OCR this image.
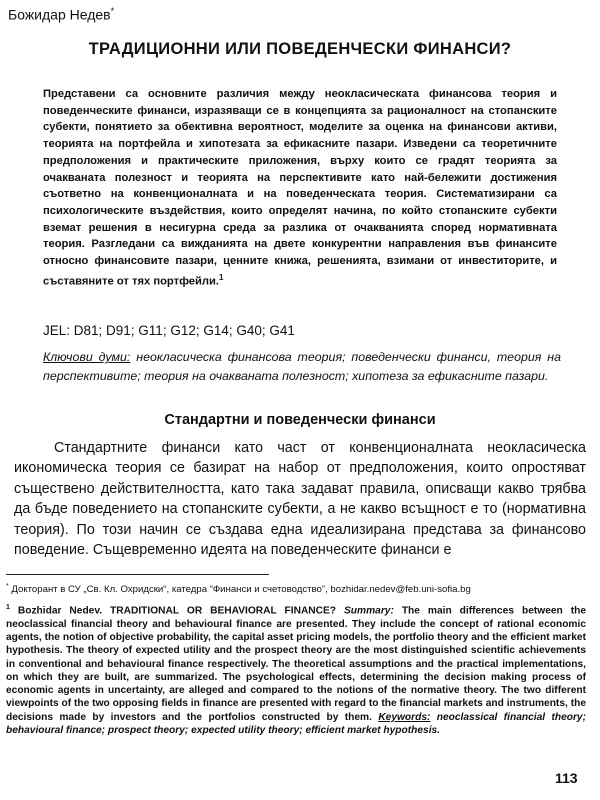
Божидар Недев*
ТРАДИЦИОННИ ИЛИ ПОВЕДЕНЧЕСКИ ФИНАНСИ?

Представени са основните различия между неокласическата финансова теория и поведенческите финанси, изразяващи се в концепцията за рационалност на стопанските субекти, понятието за обективна вероятност, моделите за оценка на финансови активи, теорията на портфейла и хипотезата за ефикасните пазари. Изведени са теоретичните предположения и практическите приложения, върху които се градят теорията за очакваната полезност и теорията на перспективите като най-бележити достижения съответно на конвенционалната и на поведенческата теория. Систематизирани са психологическите въздействия, които определят начина, по който стопанските субекти вземат решения в несигурна среда за разлика от очакванията според нормативната теория. Разгледани са вижданията на двете конкурентни направления във финансите относно финансовите пазари, ценните книжа, решенията, взимани от инвеститорите, и съставяните от тях портфейли.$^1$

JEL: D81; D91; G11; G12; G14; G40; G41

Ключови думи: неокласическа финансова теория; поведенчески финанси, теория на перспективите; теория на очакваната полезност; хипотеза за ефикасните пазари.

Стандартни и поведенчески финанси

Стандартните финанси като част от конвенционалната неокласическа икономическа теория се базират на набор от предположения, които опростяват съществено действителността, като така задават правила, описващи какво трябва да бъде поведението на стопанските субекти, а не какво всъщност е то (нормативна теория). По този начин се създава една идеализирана представа за финансово поведение. Същевременно идеята на поведенческите финанси е

* Докторант в СУ „Св. Кл. Охридски“, катедра “Финанси и счетоводство”, bozhidar.nedev@feb.uni-sofia.bg

$^1$ Bozhidar Nedev. TRADITIONAL OR BEHAVIORAL FINANCE? Summary: The main differences between the neoclassical financial theory and behavioural finance are presented. They include the concept of rational economic agents, the notion of objective probability, the capital asset pricing models, the portfolio theory and the efficient market hypothesis. The theory of expected utility and the prospect theory are the most distinguished scientific achievements in conventional and behavioural finance respectively. The theoretical assumptions and the practical implementations, on which they are built, are summarized. The psychological effects, determining the decision making process of economic agents in uncertainty, are alleged and compared to the notions of the normative theory. The two different viewpoints of the two opposing fields in finance are presented with regard to the financial markets and instruments, the decisions made by investors and the portfolios constructed by them. Keywords: neoclassical financial theory; behavioural finance; prospect theory; expected utility theory; efficient market hypothesis.

113
